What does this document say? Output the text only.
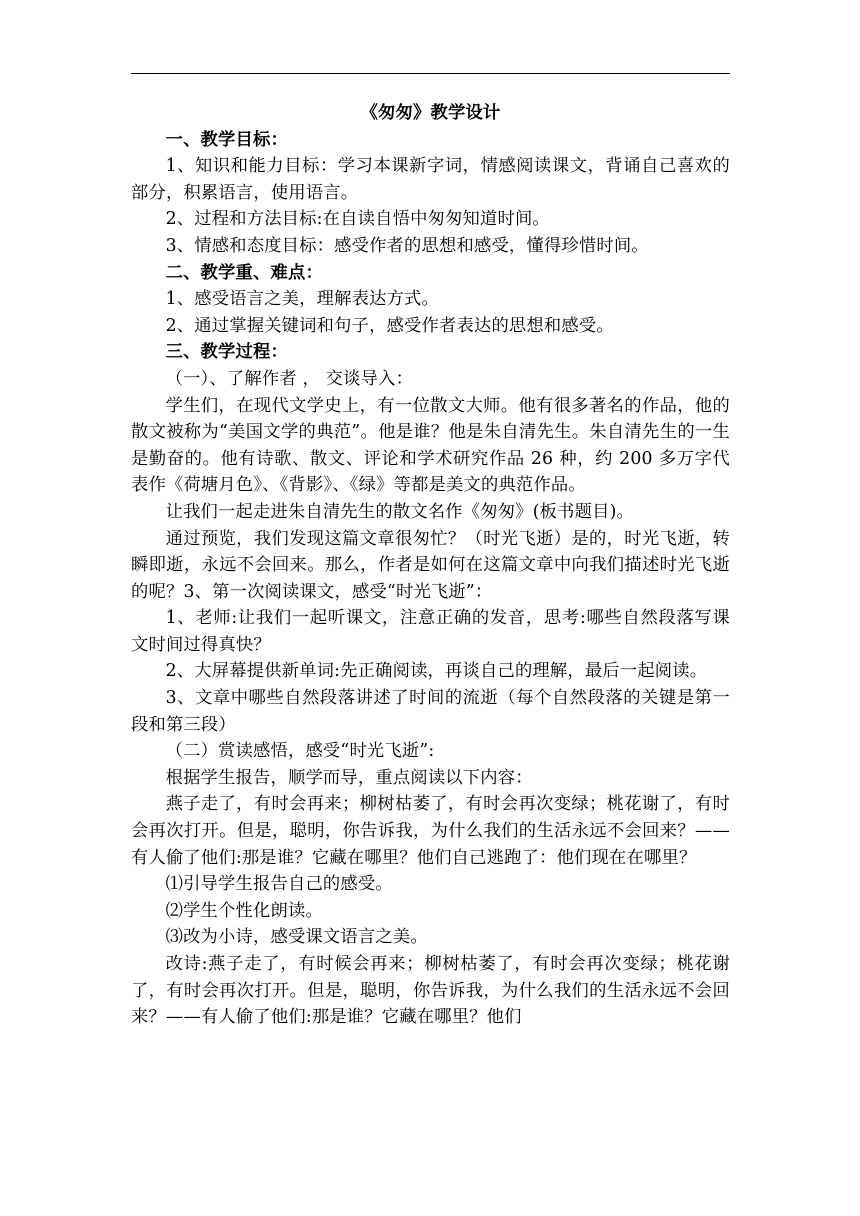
《匆匆》教学设计

一、教学目标：

1、知识和能力目标：学习本课新字词，情感阅读课文，背诵自己喜欢的部分，积累语言，使用语言。

2、过程和方法目标:在自读自悟中匆匆知道时间。

3、情感和态度目标：感受作者的思想和感受，懂得珍惜时间。

二、教学重、难点：

1、感受语言之美，理解表达方式。

2、通过掌握关键词和句子，感受作者表达的思想和感受。

三、教学过程：

（一）、了解作者 ， 交谈导入：

学生们，在现代文学史上，有一位散文大师。他有很多著名的作品，他的散文被称为“美国文学的典范”。他是谁？他是朱自清先生。朱自清先生的一生是勤奋的。他有诗歌、散文、评论和学术研究作品 26 种，约 200 多万字代表作《荷塘月色》、《背影》、《绿》等都是美文的典范作品。

让我们一起走进朱自清先生的散文名作《匆匆》(板书题目)。

通过预览，我们发现这篇文章很匆忙？（时光飞逝）是的，时光飞逝，转瞬即逝，永远不会回来。那么，作者是如何在这篇文章中向我们描述时光飞逝的呢？3、第一次阅读课文，感受“时光飞逝”：

1、老师:让我们一起听课文，注意正确的发音，思考:哪些自然段落写课文时间过得真快？

2、大屏幕提供新单词:先正确阅读，再谈自己的理解，最后一起阅读。

3、文章中哪些自然段落讲述了时间的流逝（每个自然段落的关键是第一段和第三段）

（二）赏读感悟，感受“时光飞逝”:

根据学生报告，顺学而导，重点阅读以下内容：

燕子走了，有时会再来；柳树枯萎了，有时会再次变绿；桃花谢了，有时会再次打开。但是，聪明，你告诉我，为什么我们的生活永远不会回来？——有人偷了他们:那是谁？它藏在哪里？他们自己逃跑了：他们现在在哪里？

⑴引导学生报告自己的感受。

⑵学生个性化朗读。

⑶改为小诗，感受课文语言之美。

改诗:燕子走了，有时候会再来；柳树枯萎了，有时会再次变绿；桃花谢了，有时会再次打开。但是，聪明，你告诉我，为什么我们的生活永远不会回来？——有人偷了他们:那是谁？它藏在哪里？他们
